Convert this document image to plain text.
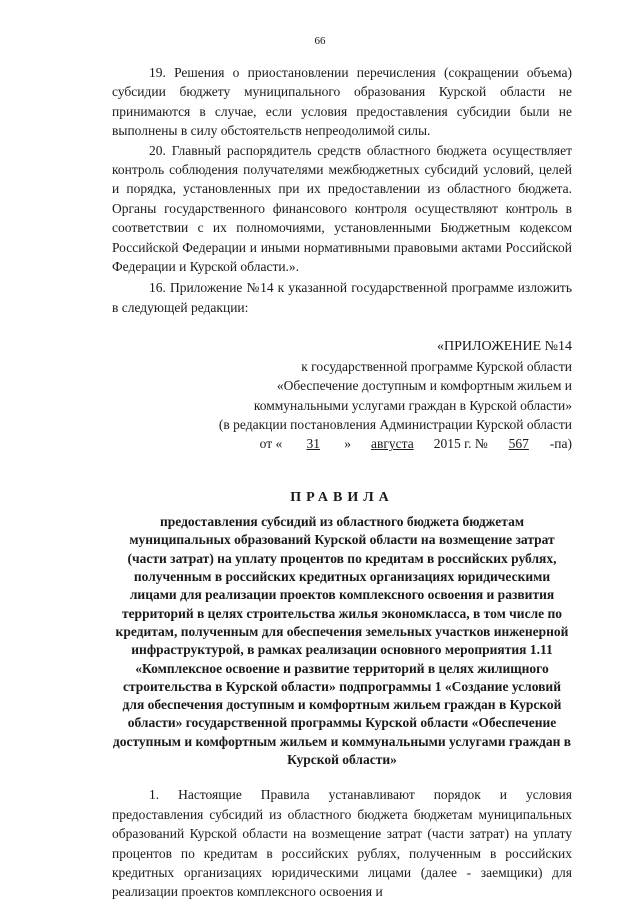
66

19. Решения о приостановлении перечисления (сокращении объема) субсидии бюджету муниципального образования Курской области не принимаются в случае, если условия предоставления субсидии были не выполнены в силу обстоятельств непреодолимой силы.

20. Главный распорядитель средств областного бюджета осуществляет контроль соблюдения получателями межбюджетных субсидий условий, целей и порядка, установленных при их предоставлении из областного бюджета. Органы государственного финансового контроля осуществляют контроль в соответствии с их полномочиями, установленными Бюджетным кодексом Российской Федерации и иными нормативными правовыми актами Российской Федерации и Курской области.».

16. Приложение №14 к указанной государственной программе изложить в следующей редакции:

«ПРИЛОЖЕНИЕ №14
к государственной программе Курской области
«Обеспечение доступным и комфортным жильем и
коммунальными услугами граждан в Курской области»
(в редакции постановления Администрации Курской области
от « 31 » августа 2015 г. № 567 -па)
ПРАВИЛА
предоставления субсидий из областного бюджета бюджетам муниципальных образований Курской области на возмещение затрат (части затрат) на уплату процентов по кредитам в российских рублях, полученным в российских кредитных организациях юридическими лицами для реализации проектов комплексного освоения и развития территорий в целях строительства жилья экономкласса, в том числе по кредитам, полученным для обеспечения земельных участков инженерной инфраструктурой, в рамках реализации основного мероприятия 1.11 «Комплексное освоение и развитие территорий в целях жилищного строительства в Курской области» подпрограммы 1 «Создание условий для обеспечения доступным и комфортным жильем граждан в Курской области» государственной программы Курской области «Обеспечение доступным и комфортным жильем и коммунальными услугами граждан в Курской области»

1. Настоящие Правила устанавливают порядок и условия предоставления субсидий из областного бюджета бюджетам муниципальных образований Курской области на возмещение затрат (части затрат) на уплату процентов по кредитам в российских рублях, полученным в российских кредитных организациях юридическими лицами (далее - заемщики) для реализации проектов комплексного освоения и
